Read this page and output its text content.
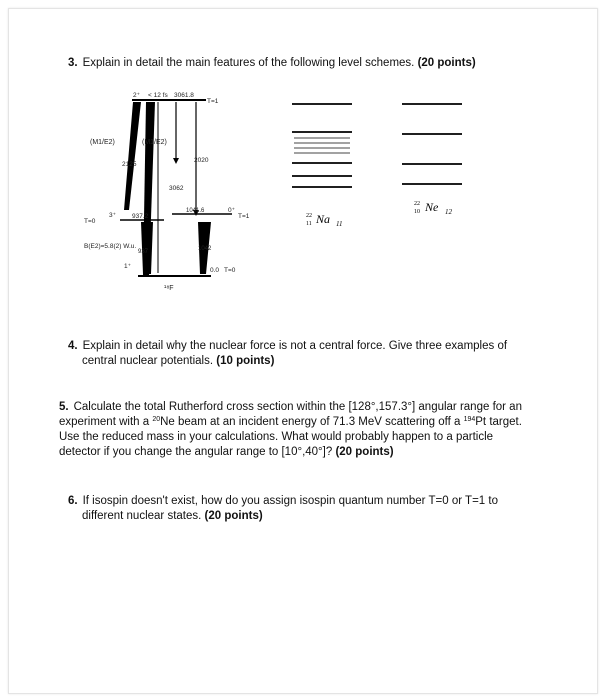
3. Explain in detail the main features of the following level schemes. (20 points)
2⁺ < 12 fs 3061.8
T=1
(M1/E2)	(M1/E2)
2125
2020
3062
T=0
3⁺ 937.2
1041.6	0⁺
T=1
B(E2)=5.8(2) W.u.
937	1042
1⁺
0.0 T=0
¹⁸F
22
11 Na 11
22
10 Ne 12
4. Explain in detail why the nuclear force is not a central force. Give three examples of
central nuclear potentials. (10 points)
5. Calculate the total Rutherford cross section within the [128°,157.3°] angular range for an
experiment with a $^{20}$Ne beam at an incident energy of 71.3 MeV scattering off a $^{194}$Pt target.
Use the reduced mass in your calculations. What would probably happen to a particle
detector if you change the angular range to [10°,40°]? (20 points)
6. If isospin doesn't exist, how do you assign isospin quantum number T=0 or T=1 to
different nuclear states. (20 points)
